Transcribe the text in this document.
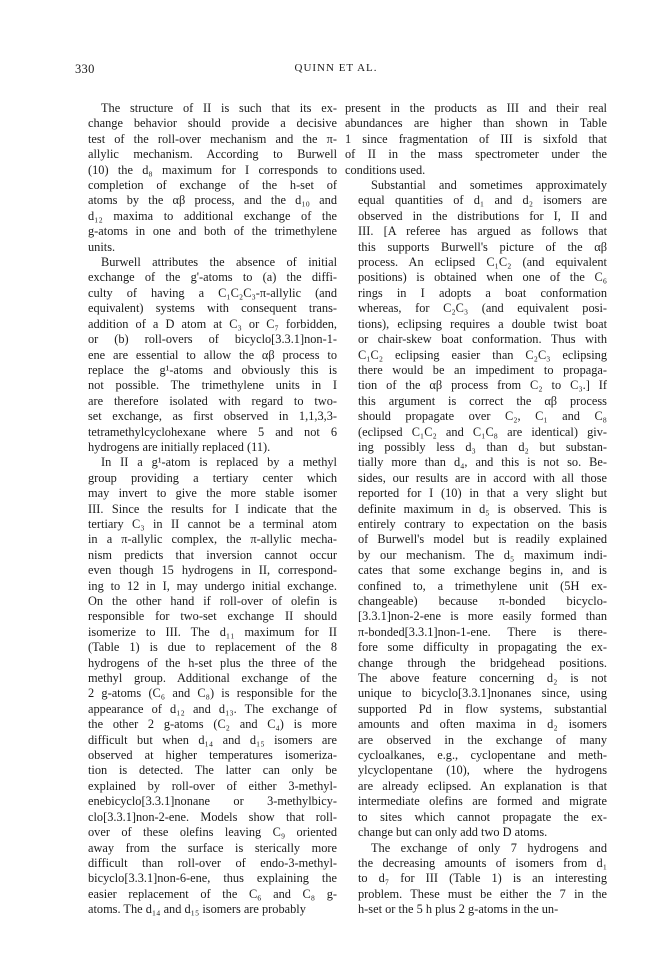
330	QUINN ET AL.

The structure of II is such that its ex-
change behavior should provide a decisive
test of the roll-over mechanism and the π-
allylic mechanism. According to Burwell
(10) the d₈ maximum for I corresponds to
completion of exchange of the h-set of
atoms by the αβ process, and the d₁₀ and
d₁₂ maxima to additional exchange of the
g-atoms in one and both of the trimethylene
units.

Burwell attributes the absence of initial
exchange of the g'-atoms to (a) the diffi-
culty of having a C₁C₂C₃-π-allylic (and
equivalent) systems with consequent trans-
addition of a D atom at C₃ or C₇ forbidden,
or (b) roll-overs of bicyclo[3.3.1]non-1-
ene are essential to allow the αβ process to
replace the g¹-atoms and obviously this is
not possible. The trimethylene units in I
are therefore isolated with regard to two-
set exchange, as first observed in 1,1,3,3-
tetramethylcyclohexane where 5 and not 6
hydrogens are initially replaced (11).

In II a g¹-atom is replaced by a methyl
group providing a tertiary center which
may invert to give the more stable isomer
III. Since the results for I indicate that the
tertiary C₃ in II cannot be a terminal atom
in a π-allylic complex, the π-allylic mecha-
nism predicts that inversion cannot occur
even though 15 hydrogens in II, correspond-
ing to 12 in I, may undergo initial exchange.
On the other hand if roll-over of olefin is
responsible for two-set exchange II should
isomerize to III. The d₁₁ maximum for II
(Table 1) is due to replacement of the 8
hydrogens of the h-set plus the three of the
methyl group. Additional exchange of the
2 g-atoms (C₆ and C₈) is responsible for the
appearance of d₁₂ and d₁₃. The exchange of
the other 2 g-atoms (C₂ and C₄) is more
difficult but when d₁₄ and d₁₅ isomers are
observed at higher temperatures isomeriza-
tion is detected. The latter can only be
explained by roll-over of either 3-methyl-
enebicyclo[3.3.1]nonane or 3-methylbicy-
clo[3.3.1]non-2-ene. Models show that roll-
over of these olefins leaving C₉ oriented
away from the surface is sterically more
difficult than roll-over of endo-3-methyl-
bicyclo[3.3.1]non-6-ene, thus explaining the
easier replacement of the C₆ and C₈ g-
atoms. The d₁₄ and d₁₅ isomers are probably

present in the products as III and their real
abundances are higher than shown in Table
1 since fragmentation of III is sixfold that
of II in the mass spectrometer under the
conditions used.

Substantial and sometimes approximately
equal quantities of d₁ and d₂ isomers are
observed in the distributions for I, II and
III. [A referee has argued as follows that
this supports Burwell's picture of the αβ
process. An eclipsed C₁C₂ (and equivalent
positions) is obtained when one of the C₆
rings in I adopts a boat conformation
whereas, for C₂C₃ (and equivalent posi-
tions), eclipsing requires a double twist boat
or chair-skew boat conformation. Thus with
C₁C₂ eclipsing easier than C₂C₃ eclipsing
there would be an impediment to propaga-
tion of the αβ process from C₂ to C₃.] If
this argument is correct the αβ process
should propagate over C₂, C₁ and C₈
(eclipsed C₁C₂ and C₁C₈ are identical) giv-
ing possibly less d₃ than d₂ but substan-
tially more than d₄, and this is not so. Be-
sides, our results are in accord with all those
reported for I (10) in that a very slight but
definite maximum in d₅ is observed. This is
entirely contrary to expectation on the basis
of Burwell's model but is readily explained
by our mechanism. The d₅ maximum indi-
cates that some exchange begins in, and is
confined to, a trimethylene unit (5H ex-
changeable) because π-bonded bicyclo-
[3.3.1]non-2-ene is more easily formed than
π-bonded[3.3.1]non-1-ene. There is there-
fore some difficulty in propagating the ex-
change through the bridgehead positions.
The above feature concerning d₂ is not
unique to bicyclo[3.3.1]nonanes since, using
supported Pd in flow systems, substantial
amounts and often maxima in d₂ isomers
are observed in the exchange of many
cycloalkanes, e.g., cyclopentane and meth-
ylcyclopentane (10), where the hydrogens
are already eclipsed. An explanation is that
intermediate olefins are formed and migrate
to sites which cannot propagate the ex-
change but can only add two D atoms.

The exchange of only 7 hydrogens and
the decreasing amounts of isomers from d₁
to d₇ for III (Table 1) is an interesting
problem. These must be either the 7 in the
h-set or the 5 h plus 2 g-atoms in the un-
